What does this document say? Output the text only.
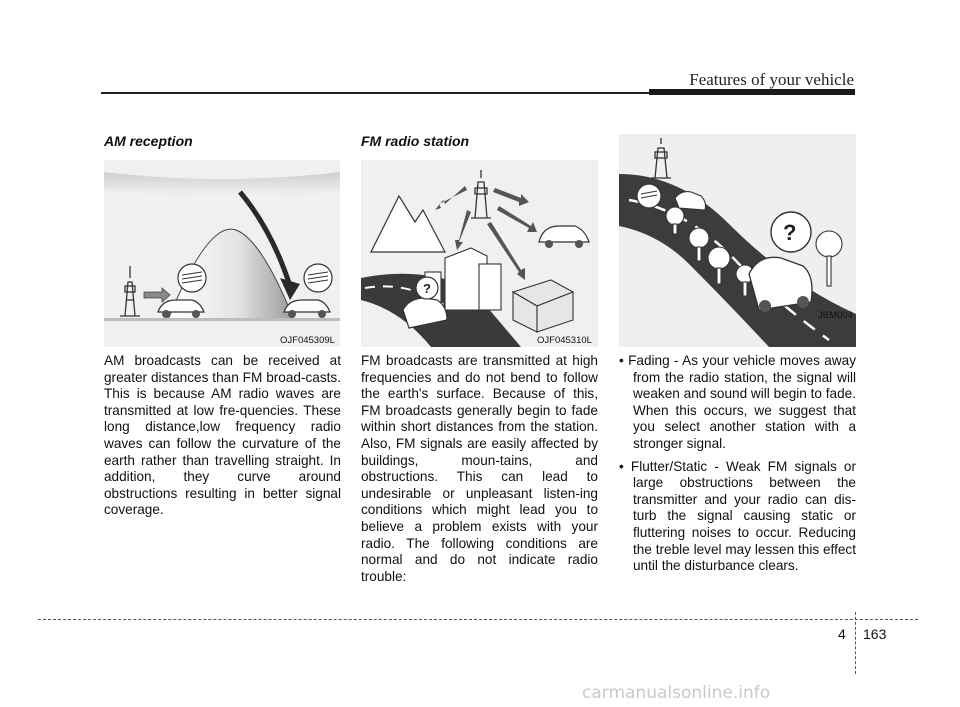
Features of your vehicle
AM reception
OJF045309L
AM broadcasts can be received at greater distances than FM broad-casts. This is because AM radio waves are transmitted at low fre-quencies. These long distance,low frequency radio waves can follow the curvature of the earth rather than travelling straight. In addition, they curve around obstructions resulting in better signal coverage.
FM radio station
?
OJF045310L
FM broadcasts are transmitted at high frequencies and do not bend to follow the earth's surface. Because of this, FM broadcasts generally begin to fade within short distances from the station. Also, FM signals are easily affected by buildings, moun-tains, and obstructions. This can lead to undesirable or unpleasant listen-ing conditions which might lead you to believe a problem exists with your radio. The following conditions are normal and do not indicate radio trouble:
?
JBM004

• Fading - As your vehicle moves away from the radio station, the signal will weaken and sound will begin to fade. When this occurs, we suggest that you select another station with a stronger signal.

• Flutter/Static - Weak FM signals or large obstructions between the transmitter and your radio can dis-turb the signal causing static or fluttering noises to occur. Reducing the treble level may lessen this effect until the disturbance clears.

4 163
carmanualsonline.info
